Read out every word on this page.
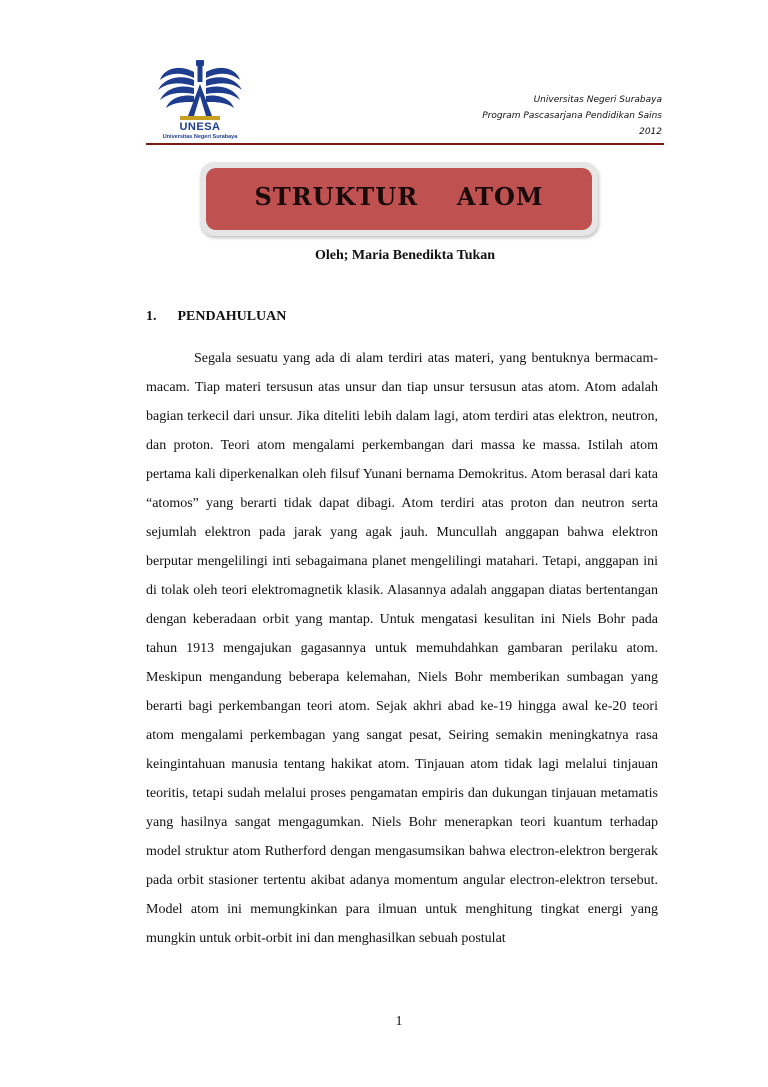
UNESA
Universitas Negeri Surabaya
Universitas Negeri Surabaya
Program Pascasarjana Pendidikan Sains
2012
STRUKTUR  ATOM
Oleh; Maria Benedikta Tukan
1. PENDAHULUAN

Segala sesuatu yang ada di alam terdiri atas materi, yang bentuknya bermacam-macam. Tiap materi tersusun atas unsur dan tiap unsur tersusun atas atom. Atom adalah bagian terkecil dari unsur. Jika diteliti lebih dalam lagi, atom terdiri atas elektron, neutron, dan proton. Teori atom mengalami perkembangan dari massa ke massa. Istilah atom pertama kali diperkenalkan oleh filsuf Yunani bernama Demokritus. Atom berasal dari kata “atomos” yang berarti tidak dapat dibagi. Atom terdiri atas proton dan neutron serta sejumlah elektron pada jarak yang agak jauh. Muncullah anggapan bahwa elektron berputar mengelilingi inti sebagaimana planet mengelilingi matahari. Tetapi, anggapan ini di tolak oleh teori elektromagnetik klasik. Alasannya adalah anggapan diatas bertentangan dengan keberadaan orbit yang mantap. Untuk mengatasi kesulitan ini Niels Bohr pada tahun 1913 mengajukan gagasannya untuk memuhdahkan gambaran perilaku atom. Meskipun mengandung beberapa kelemahan, Niels Bohr memberikan sumbagan yang berarti bagi perkembangan teori atom. Sejak akhri abad ke-19 hingga awal ke-20 teori atom mengalami perkembagan yang sangat pesat, Seiring semakin meningkatnya rasa keingintahuan manusia tentang hakikat atom. Tinjauan atom tidak lagi melalui tinjauan teoritis, tetapi sudah melalui proses pengamatan empiris dan dukungan tinjauan metamatis yang hasilnya sangat mengagumkan. Niels Bohr menerapkan teori kuantum terhadap model struktur atom Rutherford dengan mengasumsikan bahwa electron-elektron bergerak pada orbit stasioner tertentu akibat adanya momentum angular electron-elektron tersebut. Model atom ini memungkinkan para ilmuan untuk menghitung tingkat energi yang mungkin untuk orbit-orbit ini dan menghasilkan sebuah postulat

1
